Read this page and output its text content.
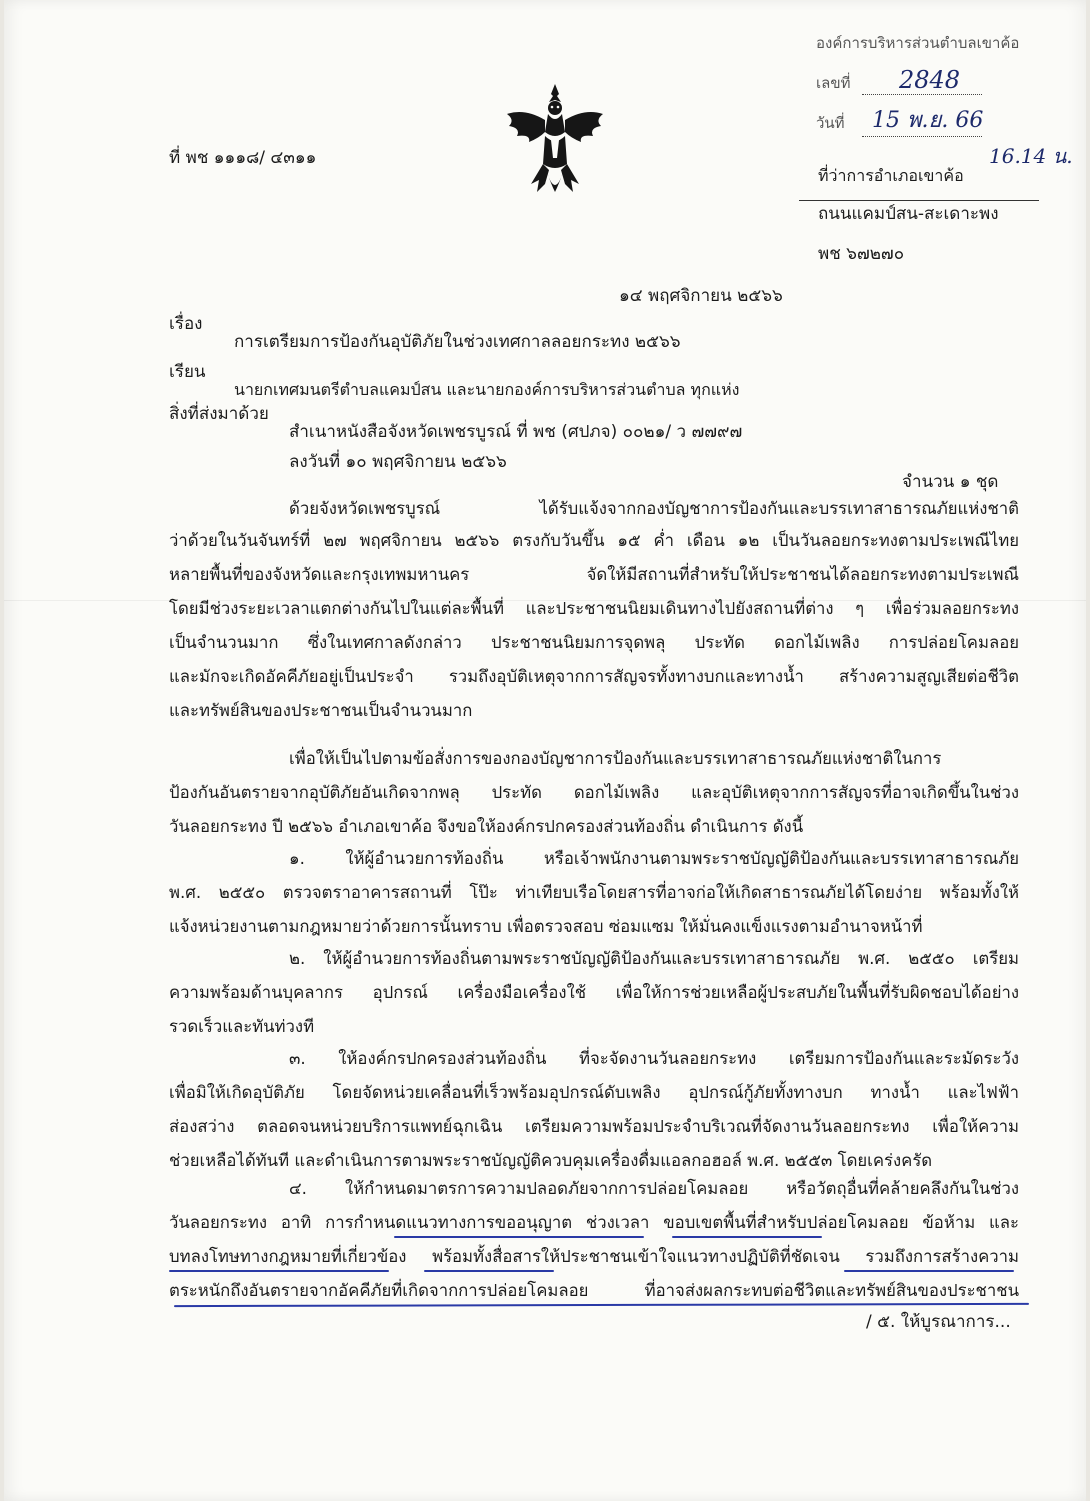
องค์การบริหารส่วนตำบลเขาค้อ
เลขที่ 2848
วันที่ 15 พ.ย. 66
16.14 น.
ที่ พช ๑๑๑๘/ ๔๓๑๑
ที่ว่าการอำเภอเขาค้อ
ถนนแคมป์สน-สะเดาะพง
พช ๖๗๒๗๐
๑๔ พฤศจิกายน ๒๕๖๖
เรื่อง
การเตรียมการป้องกันอุบัติภัยในช่วงเทศกาลลอยกระทง ๒๕๖๖
เรียน
นายกเทศมนตรีตำบลแคมป์สน และนายกองค์การบริหารส่วนตำบล ทุกแห่ง
สิ่งที่ส่งมาด้วย
สำเนาหนังสือจังหวัดเพชรบูรณ์ ที่ พช (ศปภจ) ๐๐๒๑/ ว ๗๗๙๗
ลงวันที่ ๑๐ พฤศจิกายน ๒๕๖๖
จำนวน ๑ ชุด
ด้วยจังหวัดเพชรบูรณ์ ได้รับแจ้งจากกองบัญชาการป้องกันและบรรเทาสาธารณภัยแห่งชาติ
ว่าด้วยในวันจันทร์ที่ ๒๗ พฤศจิกายน ๒๕๖๖ ตรงกับวันขึ้น ๑๕ ค่ำ เดือน ๑๒ เป็นวันลอยกระทงตามประเพณีไทย
หลายพื้นที่ของจังหวัดและกรุงเทพมหานคร จัดให้มีสถานที่สำหรับให้ประชาชนได้ลอยกระทงตามประเพณี
โดยมีช่วงระยะเวลาแตกต่างกันไปในแต่ละพื้นที่ และประชาชนนิยมเดินทางไปยังสถานที่ต่าง ๆ เพื่อร่วมลอยกระทง
เป็นจำนวนมาก ซึ่งในเทศกาลดังกล่าว ประชาชนนิยมการจุดพลุ ประทัด ดอกไม้เพลิง การปล่อยโคมลอย
และมักจะเกิดอัคคีภัยอยู่เป็นประจำ รวมถึงอุบัติเหตุจากการสัญจรทั้งทางบกและทางน้ำ สร้างความสูญเสียต่อชีวิต
และทรัพย์สินของประชาชนเป็นจำนวนมาก
เพื่อให้เป็นไปตามข้อสั่งการของกองบัญชาการป้องกันและบรรเทาสาธารณภัยแห่งชาติในการ
ป้องกันอันตรายจากอุบัติภัยอันเกิดจากพลุ ประทัด ดอกไม้เพลิง และอุบัติเหตุจากการสัญจรที่อาจเกิดขึ้นในช่วง
วันลอยกระทง ปี ๒๕๖๖ อำเภอเขาค้อ จึงขอให้องค์กรปกครองส่วนท้องถิ่น ดำเนินการ ดังนี้
๑. ให้ผู้อำนวยการท้องถิ่น หรือเจ้าพนักงานตามพระราชบัญญัติป้องกันและบรรเทาสาธารณภัย
พ.ศ. ๒๕๕๐ ตรวจตราอาคารสถานที่ โป๊ะ ท่าเทียบเรือโดยสารที่อาจก่อให้เกิดสาธารณภัยได้โดยง่าย พร้อมทั้งให้
แจ้งหน่วยงานตามกฎหมายว่าด้วยการนั้นทราบ เพื่อตรวจสอบ ซ่อมแซม ให้มั่นคงแข็งแรงตามอำนาจหน้าที่
๒. ให้ผู้อำนวยการท้องถิ่นตามพระราชบัญญัติป้องกันและบรรเทาสาธารณภัย พ.ศ. ๒๕๕๐ เตรียม
ความพร้อมด้านบุคลากร อุปกรณ์ เครื่องมือเครื่องใช้ เพื่อให้การช่วยเหลือผู้ประสบภัยในพื้นที่รับผิดชอบได้อย่าง
รวดเร็วและทันท่วงที
๓. ให้องค์กรปกครองส่วนท้องถิ่น ที่จะจัดงานวันลอยกระทง เตรียมการป้องกันและระมัดระวัง
เพื่อมิให้เกิดอุบัติภัย โดยจัดหน่วยเคลื่อนที่เร็วพร้อมอุปกรณ์ดับเพลิง อุปกรณ์กู้ภัยทั้งทางบก ทางน้ำ และไฟฟ้า
ส่องสว่าง ตลอดจนหน่วยบริการแพทย์ฉุกเฉิน เตรียมความพร้อมประจำบริเวณที่จัดงานวันลอยกระทง เพื่อให้ความ
ช่วยเหลือได้ทันที และดำเนินการตามพระราชบัญญัติควบคุมเครื่องดื่มแอลกอฮอล์ พ.ศ. ๒๕๕๓ โดยเคร่งครัด
๔. ให้กำหนดมาตรการความปลอดภัยจากการปล่อยโคมลอย หรือวัตถุอื่นที่คล้ายคลึงกันในช่วง
วันลอยกระทง อาทิ การกำหนดแนวทางการขออนุญาต ช่วงเวลา ขอบเขตพื้นที่สำหรับปล่อยโคมลอย ข้อห้าม และ
บทลงโทษทางกฎหมายที่เกี่ยวข้อง พร้อมทั้งสื่อสารให้ประชาชนเข้าใจแนวทางปฏิบัติที่ชัดเจน รวมถึงการสร้างความ
ตระหนักถึงอันตรายจากอัคคีภัยที่เกิดจากการปล่อยโคมลอย ที่อาจส่งผลกระทบต่อชีวิตและทรัพย์สินของประชาชน
/ ๕. ให้บูรณาการ...
